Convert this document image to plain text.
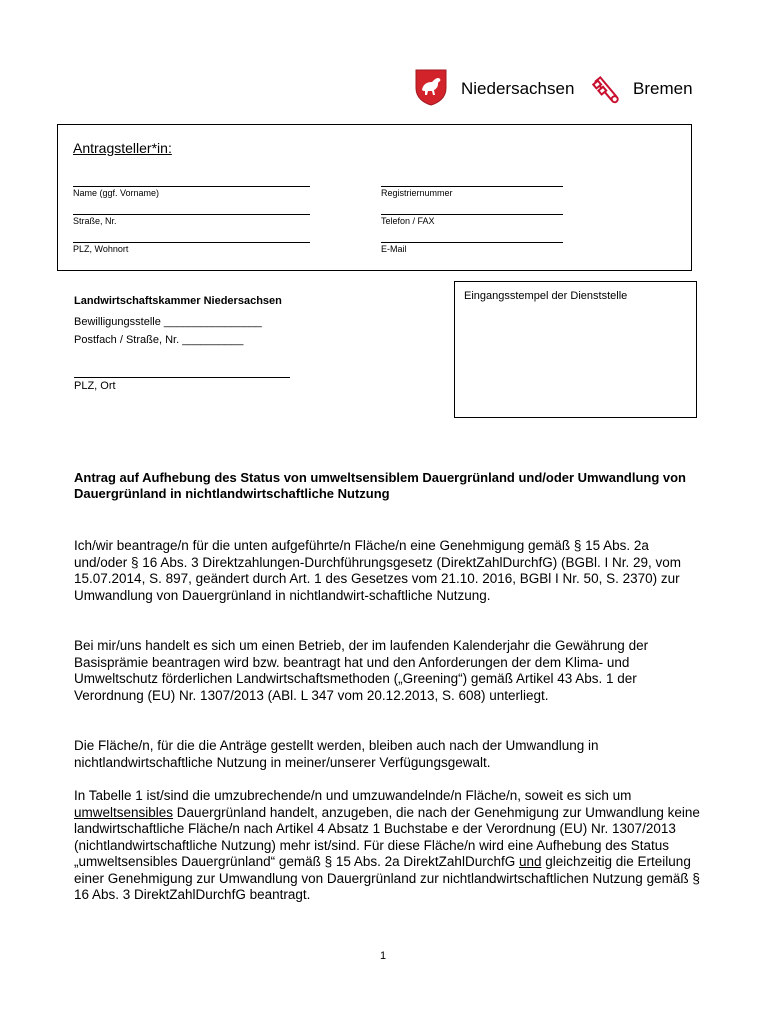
Niedersachsen	Bremen
Antragsteller*in:
Name (ggf. Vorname)	Registriernummer
Straße, Nr.	Telefon / FAX
PLZ, Wohnort	E-Mail
Eingangsstempel der Dienststelle
Landwirtschaftskammer Niedersachsen
Bewilligungsstelle ________________
Postfach / Straße, Nr. __________
PLZ, Ort
Antrag auf Aufhebung des Status von umweltsensiblem Dauergrünland und/oder Umwandlung von Dauergrünland in nichtlandwirtschaftliche Nutzung
Ich/wir beantrage/n für die unten aufgeführte/n Fläche/n eine Genehmigung gemäß § 15 Abs. 2a und/oder § 16 Abs. 3 Direktzahlungen-Durchführungsgesetz (DirektZahlDurchfG) (BGBl. I Nr. 29, vom 15.07.2014, S. 897, geändert durch Art. 1 des Gesetzes vom 21.10. 2016, BGBl I Nr. 50, S. 2370) zur Umwandlung von Dauergrünland in nichtlandwirt-schaftliche Nutzung.
Bei mir/uns handelt es sich um einen Betrieb, der im laufenden Kalenderjahr die Gewährung der Basisprämie beantragen wird bzw. beantragt hat und den Anforderungen der dem Klima- und Umweltschutz förderlichen Landwirtschaftsmethoden („Greening“) gemäß Artikel 43 Abs. 1 der Verordnung (EU) Nr. 1307/2013 (ABl. L 347 vom 20.12.2013, S. 608) unterliegt.
Die Fläche/n, für die die Anträge gestellt werden, bleiben auch nach der Umwandlung in nichtlandwirtschaftliche Nutzung in meiner/unserer Verfügungsgewalt.
In Tabelle 1 ist/sind die umzubrechende/n und umzuwandelnde/n Fläche/n, soweit es sich um umweltsensibles Dauergrünland handelt, anzugeben, die nach der Genehmigung zur Umwandlung keine landwirtschaftliche Fläche/n nach Artikel 4 Absatz 1 Buchstabe e der Verordnung (EU) Nr. 1307/2013 (nichtlandwirtschaftliche Nutzung) mehr ist/sind. Für diese Fläche/n wird eine Aufhebung des Status „umweltsensibles Dauergrünland“ gemäß § 15 Abs. 2a DirektZahlDurchfG und gleichzeitig die Erteilung einer Genehmigung zur Umwandlung von Dauergrünland zur nichtlandwirtschaftlichen Nutzung gemäß § 16 Abs. 3 DirektZahlDurchfG beantragt.
1
